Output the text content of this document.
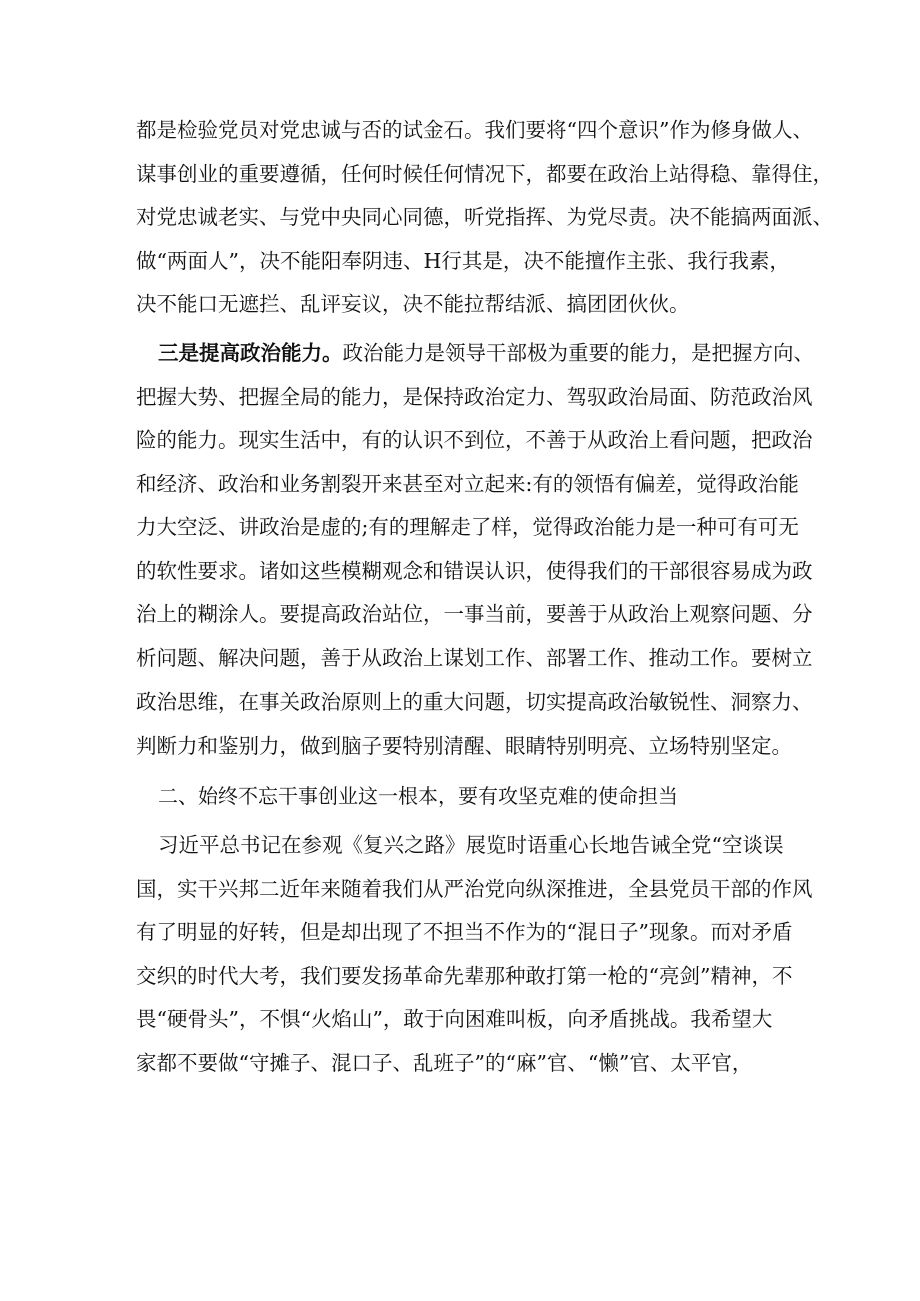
都是检验党员对党忠诚与否的试金石。我们要将“四个意识”作为修身做人、
谋事创业的重要遵循，任何时候任何情况下，都要在政治上站得稳、靠得住，
对党忠诚老实、与党中央同心同德，听党指挥、为党尽责。决不能搞两面派、
做“两面人”，决不能阳奉阴违、H行其是，决不能擅作主张、我行我素，
决不能口无遮拦、乱评妄议，决不能拉帮结派、搞团团伙伙。
三是提高政治能力。政治能力是领导干部极为重要的能力，是把握方向、
把握大势、把握全局的能力，是保持政治定力、驾驭政治局面、防范政治风
险的能力。现实生活中，有的认识不到位，不善于从政治上看问题，把政治
和经济、政治和业务割裂开来甚至对立起来:有的领悟有偏差，觉得政治能
力大空泛、讲政治是虚的;有的理解走了样，觉得政治能力是一种可有可无
的软性要求。诸如这些模糊观念和错误认识，使得我们的干部很容易成为政
治上的糊涂人。要提高政治站位，一事当前，要善于从政治上观察问题、分
析问题、解决问题，善于从政治上谋划工作、部署工作、推动工作。要树立
政治思维，在事关政治原则上的重大问题，切实提高政治敏锐性、洞察力、
判断力和鉴别力，做到脑子要特别清醒、眼睛特别明亮、立场特别坚定。
二、始终不忘干事创业这一根本，要有攻坚克难的使命担当
习近平总书记在参观《复兴之路》展览时语重心长地告诫全党“空谈误
国，实干兴邦二近年来随着我们从严治党向纵深推进，全县党员干部的作风
有了明显的好转，但是却出现了不担当不作为的“混日子”现象。而对矛盾
交织的时代大考，我们要发扬革命先辈那种敢打第一枪的“亮剑”精神，不
畏“硬骨头”，不惧“火焰山”，敢于向困难叫板，向矛盾挑战。我希望大
家都不要做“守摊子、混口子、乱班子”的“麻”官、“懒”官、太平官，
